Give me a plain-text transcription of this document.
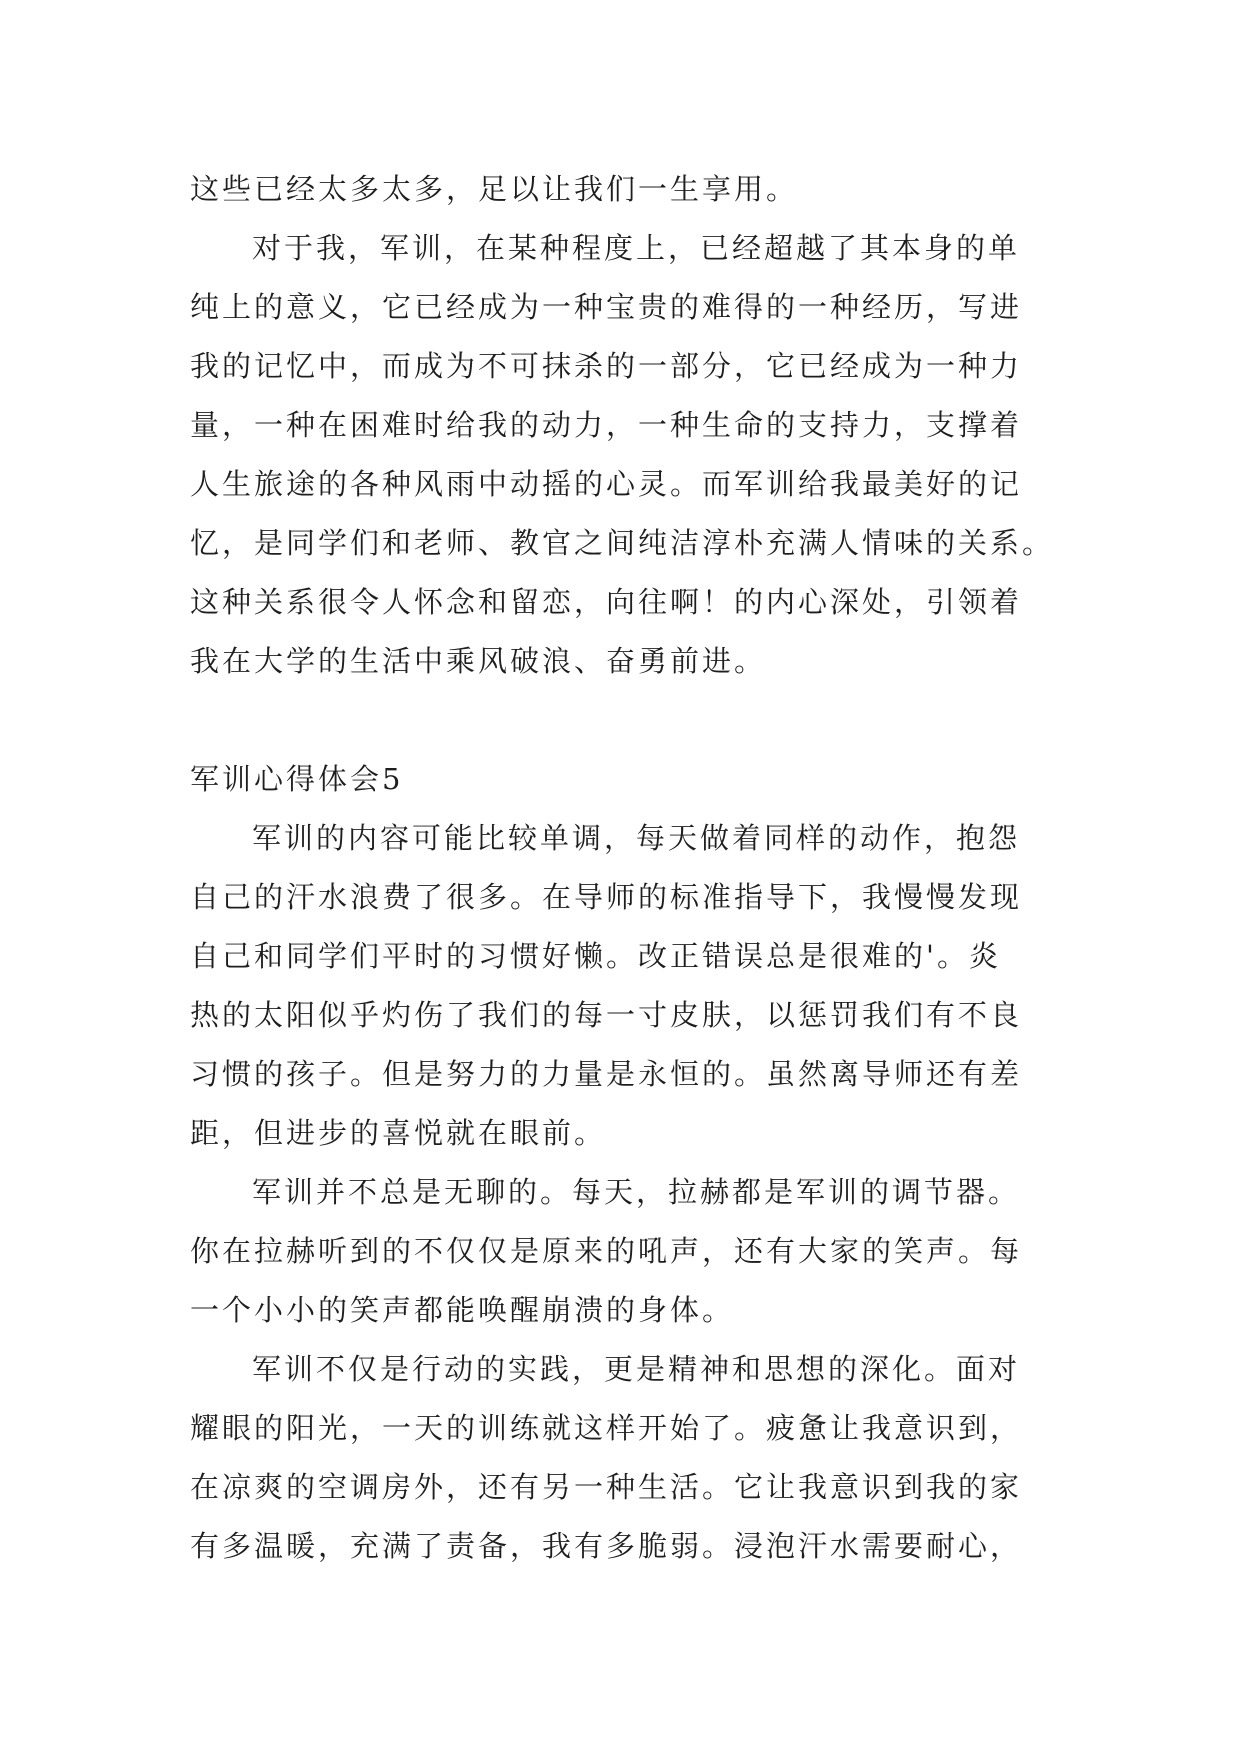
这些已经太多太多，足以让我们一生享用。
对于我，军训，在某种程度上，已经超越了其本身的单
纯上的意义，它已经成为一种宝贵的难得的一种经历，写进
我的记忆中，而成为不可抹杀的一部分，它已经成为一种力
量，一种在困难时给我的动力，一种生命的支持力，支撑着
人生旅途的各种风雨中动摇的心灵。而军训给我最美好的记
忆，是同学们和老师、教官之间纯洁淳朴充满人情味的关系。
这种关系很令人怀念和留恋，向往啊！的内心深处，引领着
我在大学的生活中乘风破浪、奋勇前进。
军训心得体会5
军训的内容可能比较单调，每天做着同样的动作，抱怨
自己的汗水浪费了很多。在导师的标准指导下，我慢慢发现
自己和同学们平时的习惯好懒。改正错误总是很难的'。炎
热的太阳似乎灼伤了我们的每一寸皮肤，以惩罚我们有不良
习惯的孩子。但是努力的力量是永恒的。虽然离导师还有差
距，但进步的喜悦就在眼前。
军训并不总是无聊的。每天，拉赫都是军训的调节器。
你在拉赫听到的不仅仅是原来的吼声，还有大家的笑声。每
一个小小的笑声都能唤醒崩溃的身体。
军训不仅是行动的实践，更是精神和思想的深化。面对
耀眼的阳光，一天的训练就这样开始了。疲惫让我意识到，
在凉爽的空调房外，还有另一种生活。它让我意识到我的家
有多温暖，充满了责备，我有多脆弱。浸泡汗水需要耐心，
